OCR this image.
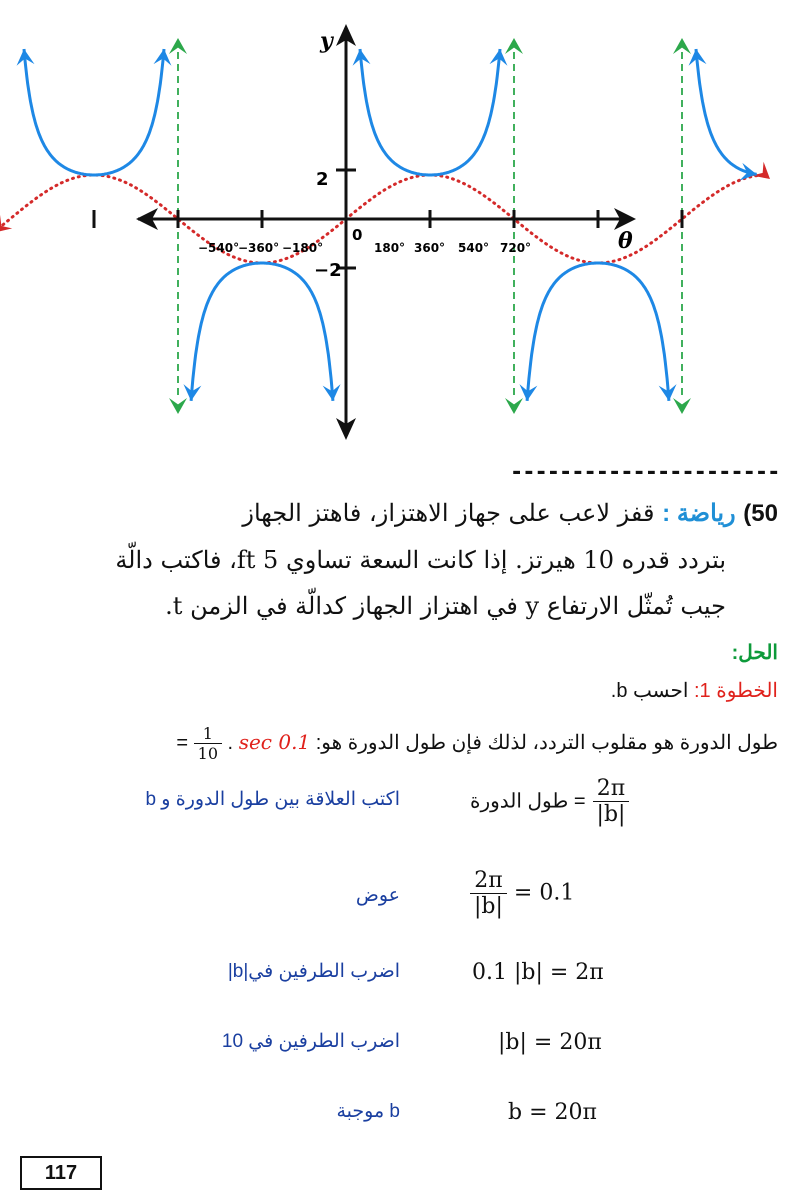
y
θ
0
2
−2
−540°
−360° −180°	180° 360° 540° 720°
----------------------
50) رياضة : قفز لاعب على جهاز الاهتزاز، فاهتز الجهاز
بتردد قدره 10 هيرتز. إذا كانت السعة تساوي 5 ft، فاكتب دالّة
جيب تُمثّل الارتفاع y في اهتزاز الجهاز كدالّة في الزمن t.
الحل:
الخطوة 1: احسب b.
طول الدورة هو مقلوب التردد، لذلك فإن طول الدورة هو: 0.1 $\sec = \frac{1}{10}$ .
طول الدورة = $\frac{2\pi}{|b|}$
اكتب العلاقة بين طول الدورة و b
$\frac{2\pi}{|b|} = 0.1$
عوض
0.1 |b| = 2π
اضرب الطرفين في|b|
|b| = 20π
اضرب الطرفين في 10
b = 20π
b موجبة
117
